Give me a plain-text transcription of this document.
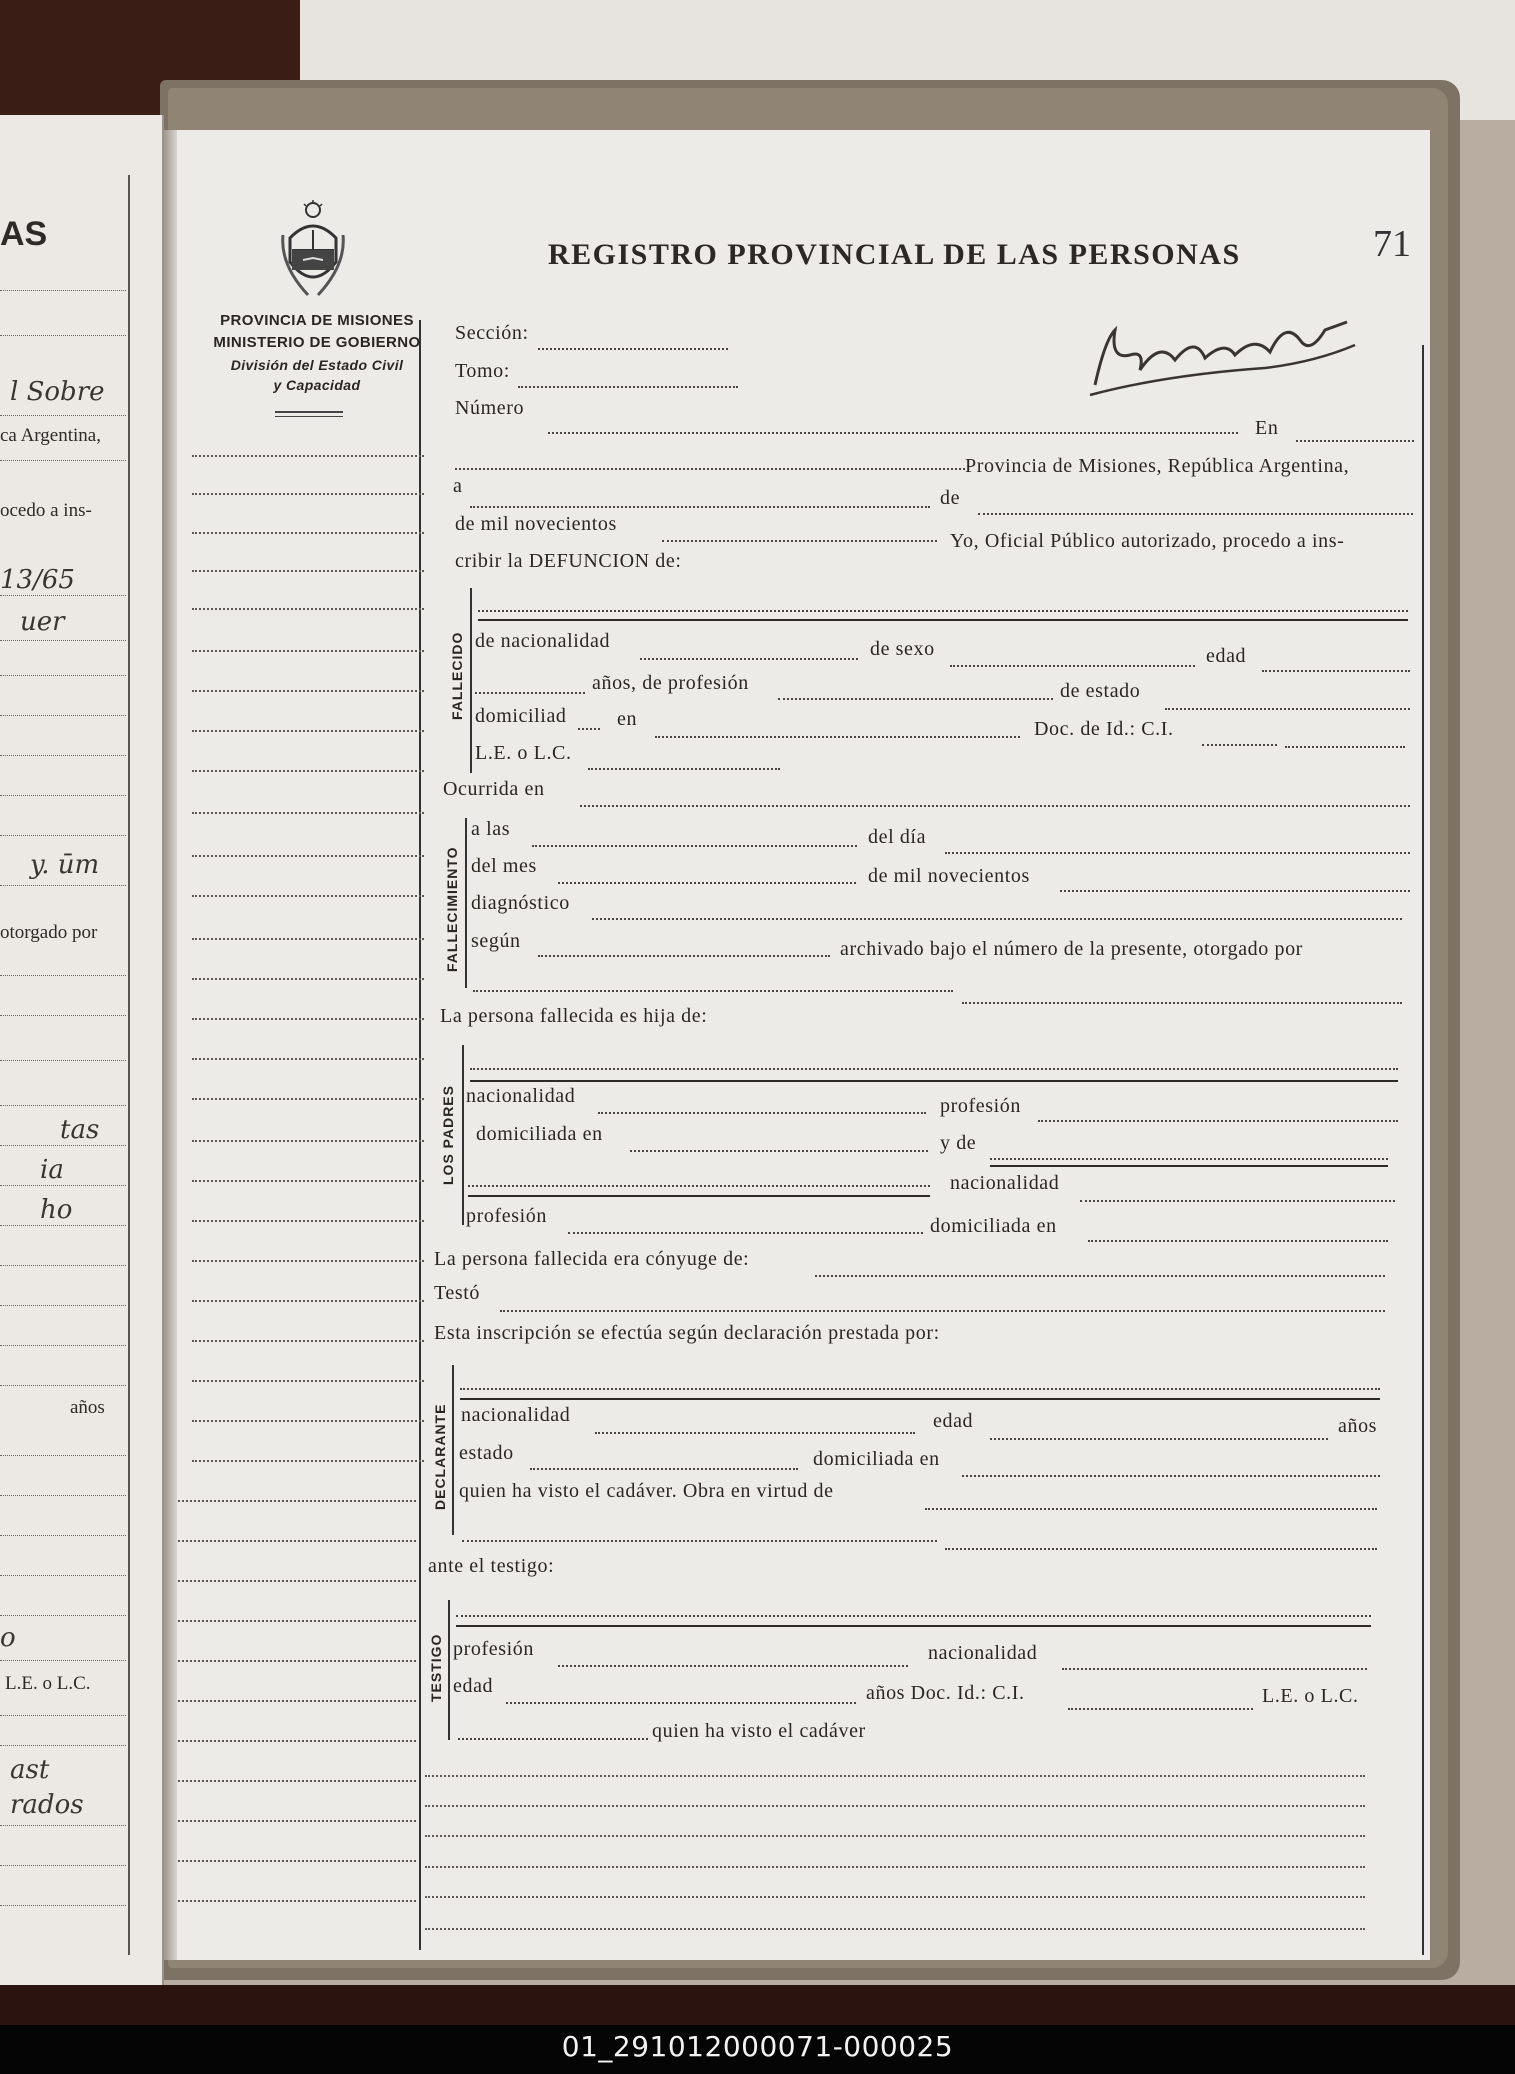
AS
l Sobre
ca Argentina,
ocedo a ins-
13/65
uer
y. ūm
otorgado por
tas
ia
ho
años
o
L.E. o L.C.
ast
rados
71
PROVINCIA DE MISIONES
MINISTERIO DE GOBIERNO
División del Estado Civil
y Capacidad
REGISTRO PROVINCIAL DE LAS PERSONAS
Sección:
Tomo:
Número
En
Provincia de Misiones, República Argentina,
a
de
de mil novecientos
Yo, Oficial Público autorizado, procedo a ins-
cribir la DEFUNCION de:
FALLECIDO de nacionalidad	de sexo	edad
años, de profesión	de estado
domiciliad	en	Doc. de Id.: C.I.
L.E. o L.C.
Ocurrida en
FALLECIMIENTO
a las	del día
del mes	de mil novecientos
diagnóstico
según	archivado bajo el número de la presente, otorgado por
La persona fallecida es hija de:
LOS PADRES nacionalidad	profesión
domiciliada en	y de
nacionalidad
profesión	domiciliada en
La persona fallecida era cónyuge de:
Testó
Esta inscripción se efectúa según declaración prestada por:
DECLARANTE nacionalidad	edad	años
estado	domiciliada en
quien ha visto el cadáver. Obra en virtud de
ante el testigo:
TESTIGO profesión	nacionalidad
edad	años Doc. Id.: C.I.	L.E. o L.C.
quien ha visto el cadáver
01_291012000071-000025
